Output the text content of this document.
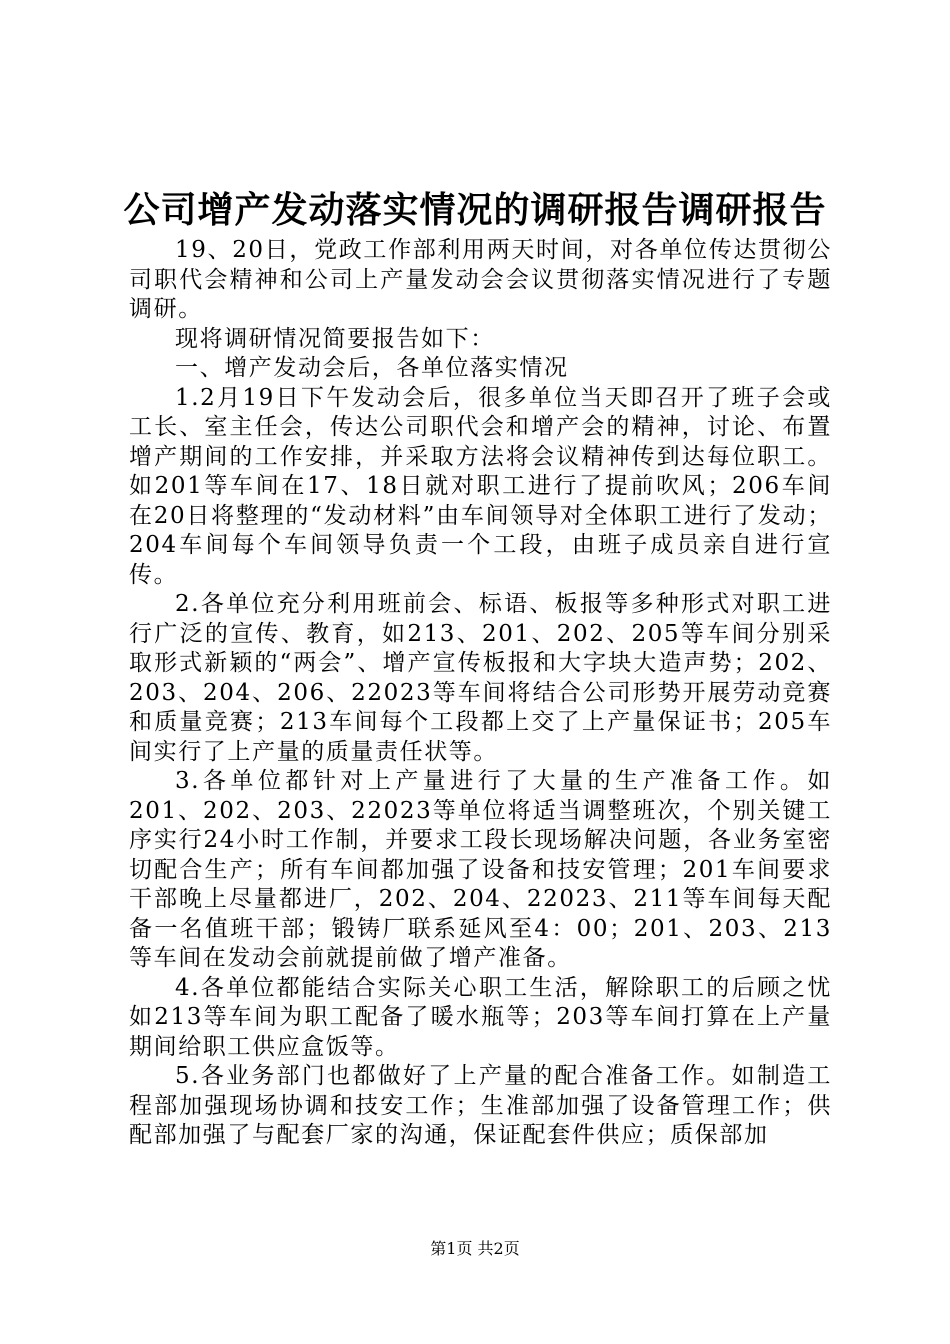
公司增产发动落实情况的调研报告调研报告

19、20日，党政工作部利用两天时间，对各单位传达贯彻公司职代会精神和公司上产量发动会会议贯彻落实情况进行了专题调研。

现将调研情况简要报告如下：

一、增产发动会后，各单位落实情况

1.2月19日下午发动会后，很多单位当天即召开了班子会或工长、室主任会，传达公司职代会和增产会的精神，讨论、布置增产期间的工作安排，并采取方法将会议精神传到达每位职工。如201等车间在17、18日就对职工进行了提前吹风；206车间在20日将整理的“发动材料”由车间领导对全体职工进行了发动；204车间每个车间领导负责一个工段，由班子成员亲自进行宣传。

2.各单位充分利用班前会、标语、板报等多种形式对职工进行广泛的宣传、教育，如213、201、202、205等车间分别采取形式新颖的“两会”、增产宣传板报和大字块大造声势；202、203、204、206、22023等车间将结合公司形势开展劳动竞赛和质量竞赛；213车间每个工段都上交了上产量保证书；205车间实行了上产量的质量责任状等。

3.各单位都针对上产量进行了大量的生产准备工作。如201、202、203、22023等单位将适当调整班次，个别关键工序实行24小时工作制，并要求工段长现场解决问题，各业务室密切配合生产；所有车间都加强了设备和技安管理；201车间要求干部晚上尽量都进厂，202、204、22023、211等车间每天配备一名值班干部；锻铸厂联系延风至4：00；201、203、213等车间在发动会前就提前做了增产准备。

4.各单位都能结合实际关心职工生活，解除职工的后顾之忧如213等车间为职工配备了暖水瓶等；203等车间打算在上产量期间给职工供应盒饭等。

5.各业务部门也都做好了上产量的配合准备工作。如制造工程部加强现场协调和技安工作；生准部加强了设备管理工作；供配部加强了与配套厂家的沟通，保证配套件供应；质保部加

第1页 共2页
